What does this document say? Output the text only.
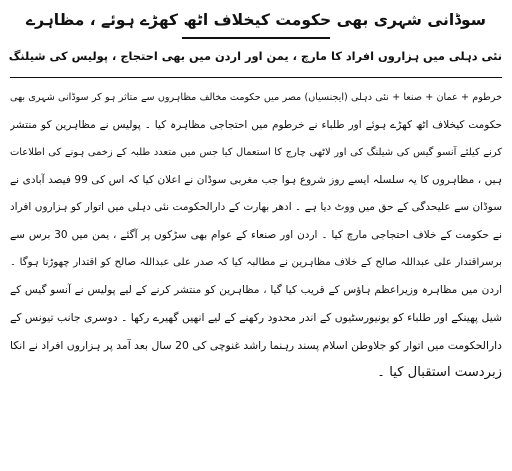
سوڈانی شہری بھی حکومت کیخلاف اٹھ کھڑے ہوئے ، مظاہرے
نئی دہلی میں ہزاروں افراد کا مارچ ، یمن اور اردن میں بھی احتجاج ، پولیس کی شیلنگ
خرطوم + عمان + صنعا + نئی دہلی (ایجنسیاں) مصر میں حکومت مخالف مظاہروں سے متاثر ہو کر سوڈانی شہری بھی
حکومت کیخلاف اٹھ کھڑے ہوئے اور طلباء نے خرطوم میں احتجاجی مظاہرہ کیا ۔ پولیس نے مظاہرین کو منتشر
کرنے کیلئے آنسو گیس کی شیلنگ کی اور لاٹھی چارج کا استعمال کیا جس میں متعدد طلبہ کے زخمی ہونے کی اطلاعات
ہیں ، مظاہروں کا یہ سلسلہ ایسے روز شروع ہوا جب مغربی سوڈان نے اعلان کیا کہ اس کی 99 فیصد آبادی نے
سوڈان سے علیحدگی کے حق میں ووٹ دیا ہے ۔ ادھر بھارت کے دارالحکومت نئی دہلی میں اتوار کو ہزاروں افراد
نے حکومت کے خلاف احتجاجی مارچ کیا ۔ اردن اور صنعاء کے عوام بھی سڑکوں پر آگئے ، یمن میں 30 برس سے
برسراقتدار علی عبداللہ صالح کے خلاف مظاہرین نے مطالبہ کیا کہ صدر علی عبداللہ صالح کو اقتدار چھوڑنا ہوگا ۔
اردن میں مظاہرہ وزیراعظم ہاؤس کے قریب کیا گیا ، مظاہرین کو منتشر کرنے کے لیے پولیس نے آنسو گیس کے
شیل پھینکے اور طلباء کو یونیورسٹیوں کے اندر محدود رکھنے کے لیے انھیں گھیرے رکھا ۔ دوسری جانب تیونس کے
دارالحکومت میں اتوار کو جلاوطن اسلام پسند رہنما راشد غنوچی کی 20 سال بعد آمد پر ہزاروں افراد نے انکا
زبردست استقبال کیا ۔
